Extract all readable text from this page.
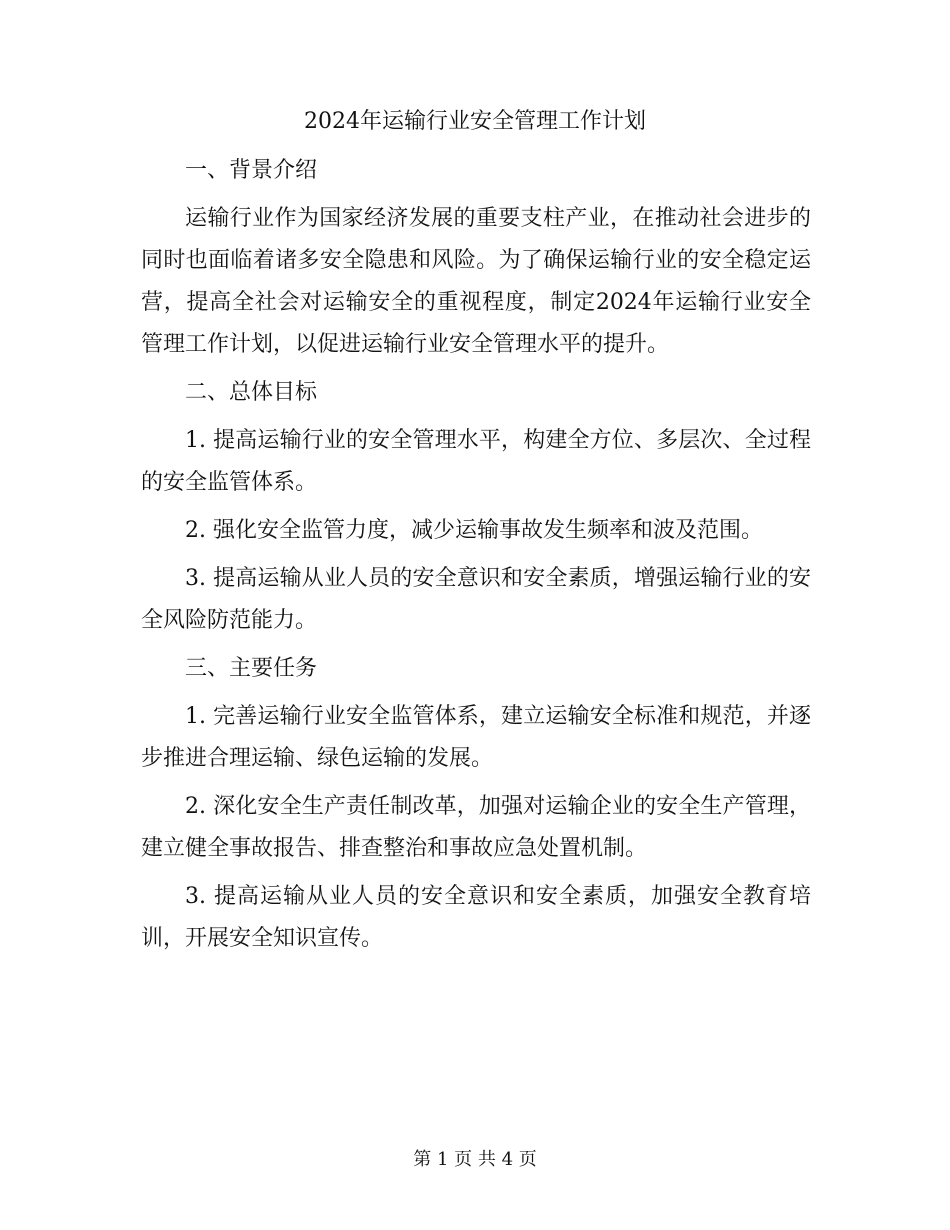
2024年运输行业安全管理工作计划

一、背景介绍

运输行业作为国家经济发展的重要支柱产业，在推动社会进步的同时也面临着诸多安全隐患和风险。为了确保运输行业的安全稳定运营，提高全社会对运输安全的重视程度，制定2024年运输行业安全管理工作计划，以促进运输行业安全管理水平的提升。

二、总体目标

1. 提高运输行业的安全管理水平，构建全方位、多层次、全过程的安全监管体系。

2. 强化安全监管力度，减少运输事故发生频率和波及范围。

3. 提高运输从业人员的安全意识和安全素质，增强运输行业的安全风险防范能力。

三、主要任务

1. 完善运输行业安全监管体系，建立运输安全标准和规范，并逐步推进合理运输、绿色运输的发展。

2. 深化安全生产责任制改革，加强对运输企业的安全生产管理，建立健全事故报告、排查整治和事故应急处置机制。

3. 提高运输从业人员的安全意识和安全素质，加强安全教育培训，开展安全知识宣传。

第 1 页 共 4 页
